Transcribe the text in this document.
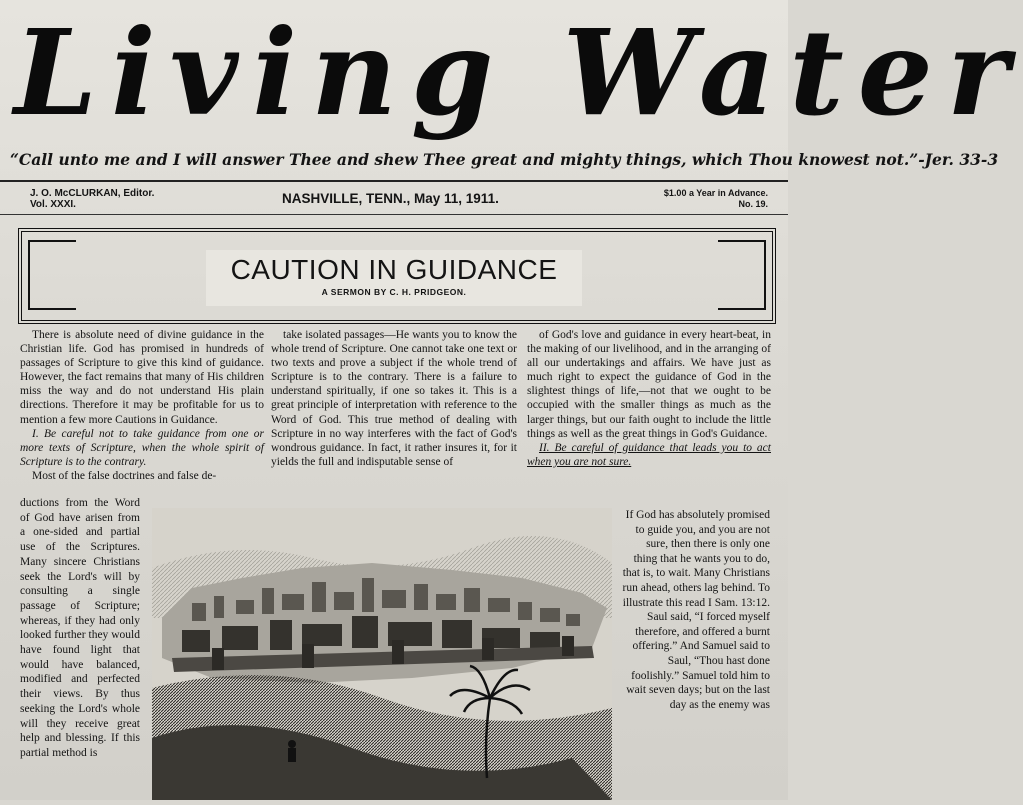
Living Water
“Call unto me and I will answer Thee and shew Thee great and mighty things, which Thou knowest not.”-Jer. 33-3
J. O. McCLURKAN, Editor.
Vol. XXXI.	NASHVILLE, TENN., May 11, 1911.	$1.00 a Year in Advance.
No. 19.
CAUTION IN GUIDANCE
A SERMON BY C. H. PRIDGEON.

There is absolute need of divine guidance in the Christian life. God has promised in hundreds of passages of Scripture to give this kind of guidance. However, the fact remains that many of His children miss the way and do not understand His plain directions. Therefore it may be profitable for us to mention a few more Cautions in Guidance.

I. Be careful not to take guidance from one or more texts of Scripture, when the whole spirit of Scripture is to the contrary.

Most of the false doctrines and false de-

ductions from the Word of God have arisen from a one-sided and partial use of the Scriptures. Many sincere Christians seek the Lord's will by consulting a single passage of Scripture; whereas, if they had only looked further they would have found light that would have balanced, modified and perfected their views. By thus seeking the Lord's whole will they receive great help and blessing. If this partial method is

take isolated passages—He wants you to know the whole trend of Scripture. One cannot take one text or two texts and prove a subject if the whole trend of Scripture is to the contrary. There is a failure to understand spiritually, if one so takes it. This is a great principle of interpretation with reference to the Word of God. This true method of dealing with Scripture in no way interferes with the fact of God's wondrous guidance. In fact, it rather insures it, for it yields the full and indisputable sense of

of God's love and guidance in every heart-beat, in the making of our livelihood, and in the arranging of all our undertakings and affairs. We have just as much right to expect the guidance of God in the slightest things of life,—not that we ought to be occupied with the smaller things as much as the larger things, but our faith ought to include the little things as well as the great things in God's Guidance.

II. Be careful of guidance that leads you to act when you are not sure.

If God has absolutely promised to guide you, and you are not sure, then there is only one thing that he wants you to do, that is, to wait. Many Christians run ahead, others lag behind. To illustrate this read I Sam. 13:12. Saul said, “I forced myself therefore, and offered a burnt offering.” And Samuel said to Saul, “Thou hast done foolishly.” Samuel told him to wait seven days; but on the last day as the enemy was
